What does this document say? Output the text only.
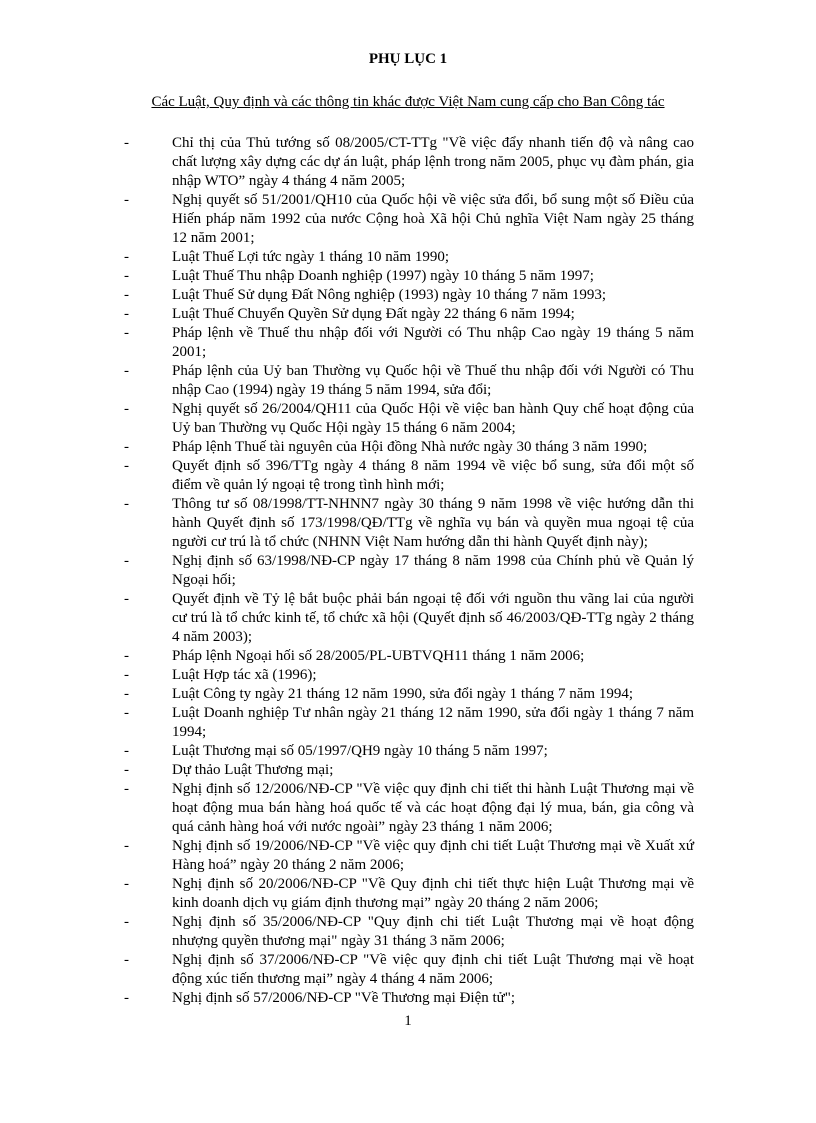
PHỤ LỤC 1
Các Luật, Quy định và các thông tin khác được Việt Nam cung cấp cho Ban Công tác
-	Chỉ thị của Thủ tướng số 08/2005/CT-TTg "Về việc đẩy nhanh tiến độ và nâng cao chất lượng xây dựng các dự án luật, pháp lệnh trong năm 2005, phục vụ đàm phán, gia nhập WTO” ngày 4 tháng 4 năm 2005;
-	Nghị quyết số 51/2001/QH10 của Quốc hội về việc sửa đổi, bổ sung một số Điều của Hiến pháp năm 1992 của nước Cộng hoà Xã hội Chủ nghĩa Việt Nam ngày 25 tháng 12 năm 2001;
-	Luật Thuế Lợi tức ngày 1 tháng 10 năm 1990;
-	Luật Thuế Thu nhập Doanh nghiệp (1997) ngày 10 tháng 5 năm 1997;
-	Luật Thuế Sử dụng Đất Nông nghiệp (1993) ngày 10 tháng 7 năm 1993;
-	Luật Thuế Chuyển Quyền Sử dụng Đất ngày 22 tháng 6 năm 1994;
-	Pháp lệnh về Thuế thu nhập đối với Người có Thu nhập Cao ngày 19 tháng 5 năm 2001;
-	Pháp lệnh của Uỷ ban Thường vụ Quốc hội về Thuế thu nhập đối với Người có Thu nhập Cao (1994) ngày 19 tháng 5 năm 1994, sửa đổi;
-	Nghị quyết số 26/2004/QH11 của Quốc Hội về việc ban hành Quy chế hoạt động của Uỷ ban Thường vụ Quốc Hội ngày 15 tháng 6 năm 2004;
-	Pháp lệnh Thuế tài nguyên của Hội đồng Nhà nước ngày 30 tháng 3 năm 1990;
-	Quyết định số 396/TTg ngày 4 tháng 8 năm 1994 về việc bổ sung, sửa đổi một số điểm về quản lý ngoại tệ trong tình hình mới;
-	Thông tư số 08/1998/TT-NHNN7 ngày 30 tháng 9 năm 1998 về việc hướng dẫn thi hành Quyết định số 173/1998/QĐ/TTg về nghĩa vụ bán và quyền mua ngoại tệ của người cư trú là tổ chức (NHNN Việt Nam hướng dẫn thi hành Quyết định này);
-	Nghị định số 63/1998/NĐ-CP ngày 17 tháng 8 năm 1998 của Chính phủ về Quản lý Ngoại hối;
-	Quyết định về Tỷ lệ bắt buộc phải bán ngoại tệ đối với nguồn thu vãng lai của người cư trú là tổ chức kinh tế, tổ chức xã hội (Quyết định số 46/2003/QĐ-TTg ngày 2 tháng 4 năm 2003);
-	Pháp lệnh Ngoại hối số 28/2005/PL-UBTVQH11 tháng 1 năm 2006;
-	Luật Hợp tác xã (1996);
-	Luật Công ty ngày 21 tháng 12 năm 1990, sửa đổi ngày 1 tháng 7 năm 1994;
-	Luật Doanh nghiệp Tư nhân ngày 21 tháng 12 năm 1990, sửa đổi ngày 1 tháng 7 năm 1994;
-	Luật Thương mại số 05/1997/QH9 ngày 10 tháng 5 năm 1997;
-	Dự thảo Luật Thương mại;
-	Nghị định số 12/2006/NĐ-CP "Về việc quy định chi tiết thi hành Luật Thương mại về hoạt động mua bán hàng hoá quốc tế và các hoạt động đại lý mua, bán, gia công và quá cảnh hàng hoá với nước ngoài” ngày 23 tháng 1 năm 2006;
-	Nghị định số 19/2006/NĐ-CP "Về việc quy định chi tiết Luật Thương mại về Xuất xứ Hàng hoá” ngày 20 tháng 2 năm 2006;
-	Nghị định số 20/2006/NĐ-CP "Về Quy định chi tiết thực hiện Luật Thương mại về kinh doanh dịch vụ giám định thương mại” ngày 20 tháng 2 năm 2006;
-	Nghị định số 35/2006/NĐ-CP "Quy định chi tiết Luật Thương mại về hoạt động nhượng quyền thương mại" ngày 31 tháng 3 năm 2006;
-	Nghị định số 37/2006/NĐ-CP "Về việc quy định chi tiết Luật Thương mại về hoạt động xúc tiến thương mại” ngày 4 tháng 4 năm 2006;
-	Nghị định số 57/2006/NĐ-CP "Về Thương mại Điện tử";
1
